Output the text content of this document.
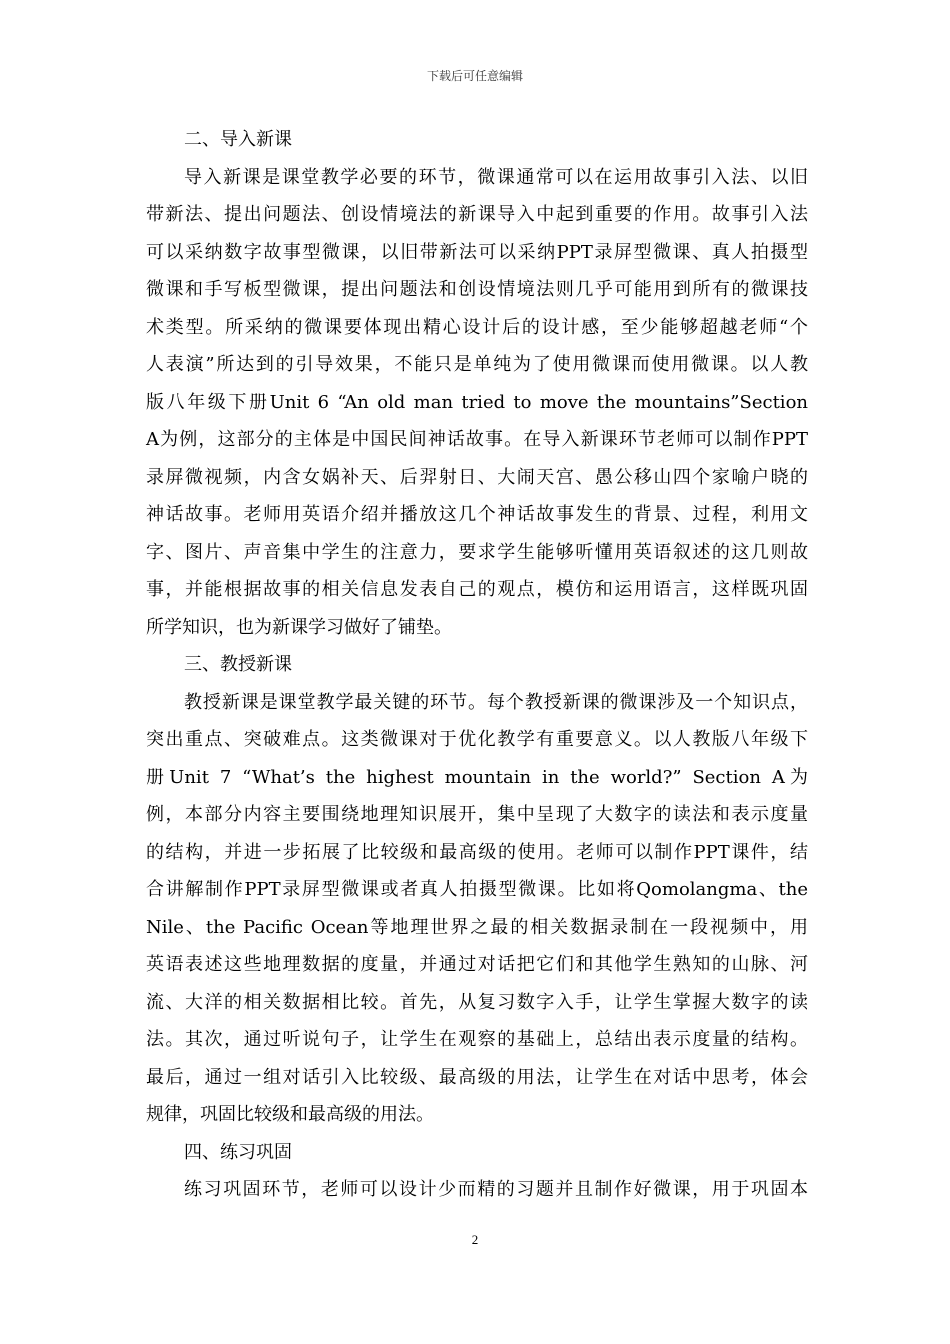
下载后可任意编辑
二、导入新课
导入新课是课堂教学必要的环节，微课通常可以在运用故事引入法、以旧
带新法、提出问题法、创设情境法的新课导入中起到重要的作用。故事引入法
可以采纳数字故事型微课，以旧带新法可以采纳PPT录屏型微课、真人拍摄型
微课和手写板型微课，提出问题法和创设情境法则几乎可能用到所有的微课技
术类型。所采纳的微课要体现出精心设计后的设计感，至少能够超越老师“个
人表演”所达到的引导效果，不能只是单纯为了使用微课而使用微课。以人教
版八年级下册Unit 6 “An old man tried to move the mountains”Section
A为例，这部分的主体是中国民间神话故事。在导入新课环节老师可以制作PPT
录屏微视频，内含女娲补天、后羿射日、大闹天宫、愚公移山四个家喻户晓的
神话故事。老师用英语介绍并播放这几个神话故事发生的背景、过程，利用文
字、图片、声音集中学生的注意力，要求学生能够听懂用英语叙述的这几则故
事，并能根据故事的相关信息发表自己的观点，模仿和运用语言，这样既巩固
所学知识，也为新课学习做好了铺垫。
三、教授新课
教授新课是课堂教学最关键的环节。每个教授新课的微课涉及一个知识点，
突出重点、突破难点。这类微课对于优化教学有重要意义。以人教版八年级下
册Unit 7 “What’s the highest mountain in the world?” Section A为
例，本部分内容主要围绕地理知识展开，集中呈现了大数字的读法和表示度量
的结构，并进一步拓展了比较级和最高级的使用。老师可以制作PPT课件，结
合讲解制作PPT录屏型微课或者真人拍摄型微课。比如将Qomolangma、the
Nile、the Pacific Ocean等地理世界之最的相关数据录制在一段视频中，用
英语表述这些地理数据的度量，并通过对话把它们和其他学生熟知的山脉、河
流、大洋的相关数据相比较。首先，从复习数字入手，让学生掌握大数字的读
法。其次，通过听说句子，让学生在观察的基础上，总结出表示度量的结构。
最后，通过一组对话引入比较级、最高级的用法，让学生在对话中思考，体会
规律，巩固比较级和最高级的用法。
四、练习巩固
练习巩固环节，老师可以设计少而精的习题并且制作好微课，用于巩固本
2
